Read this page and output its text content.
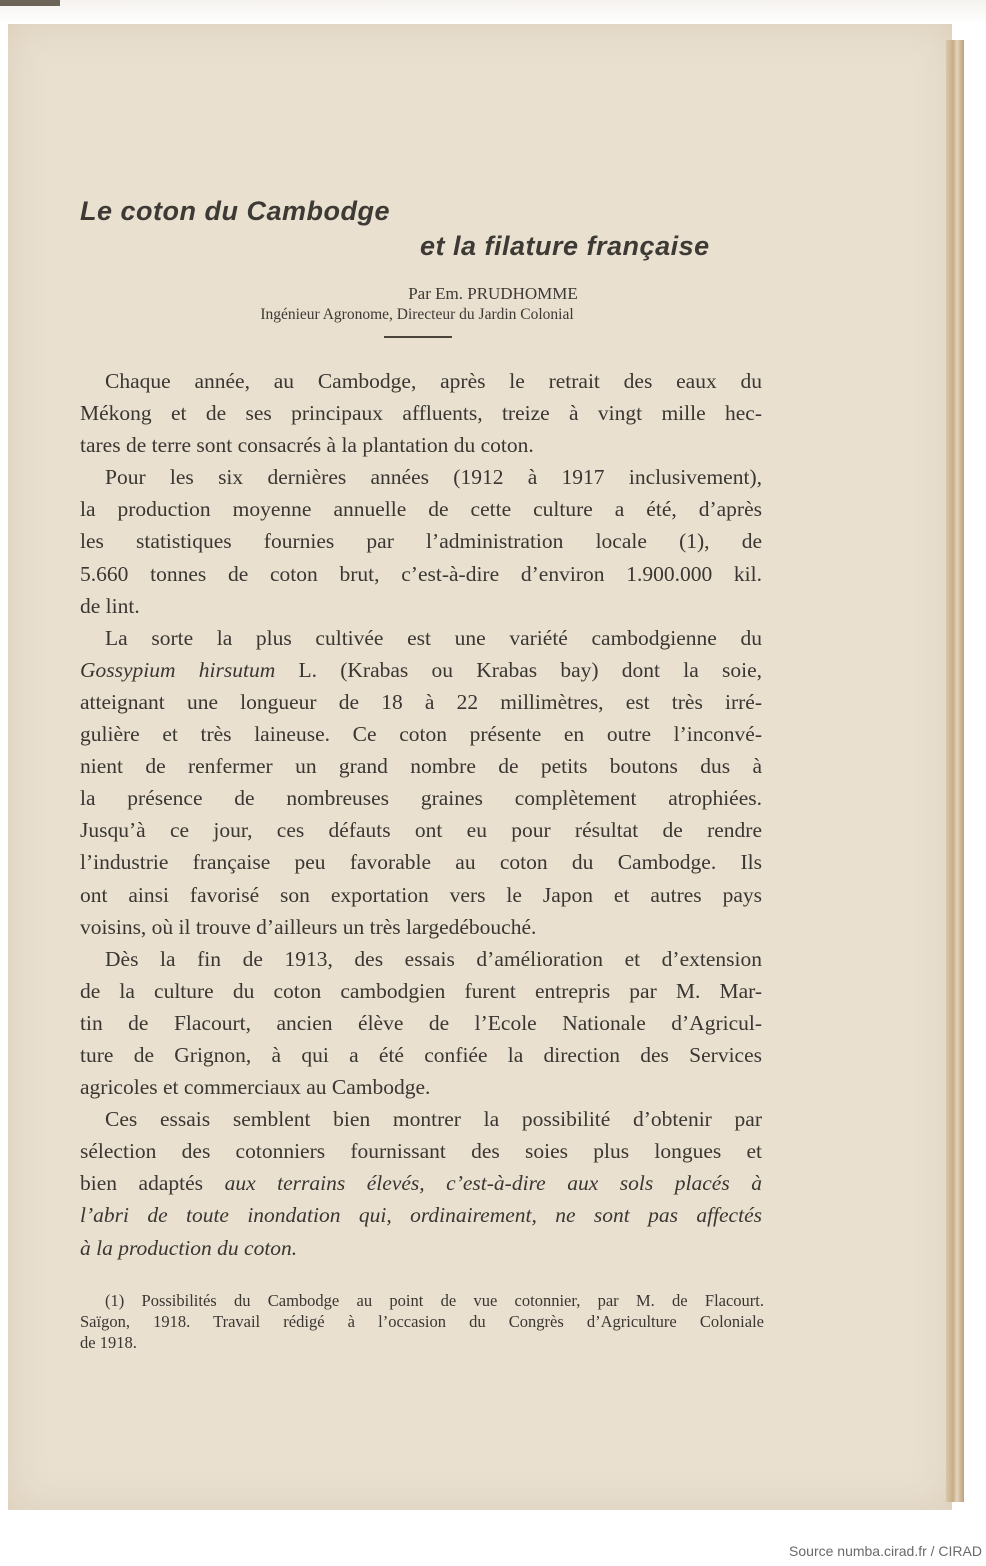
Le coton du Cambodge
et la filature française
Par Em. PRUDHOMME
Ingénieur Agronome, Directeur du Jardin Colonial
Chaque année, au Cambodge, après le retrait des eaux du
Mékong et de ses principaux affluents, treize à vingt mille hec-
tares de terre sont consacrés à la plantation du coton.
Pour les six dernières années (1912 à 1917 inclusivement),
la production moyenne annuelle de cette culture a été, d’après
les statistiques fournies par l’administration locale (1), de
5.660 tonnes de coton brut, c’est-à-dire d’environ 1.900.000 kil.
de lint.
La sorte la plus cultivée est une variété cambodgienne du
Gossypium hirsutum L. (Krabas ou Krabas bay) dont la soie,
atteignant une longueur de 18 à 22 millimètres, est très irré-
gulière et très laineuse. Ce coton présente en outre l’inconvé-
nient de renfermer un grand nombre de petits boutons dus à
la présence de nombreuses graines complètement atrophiées.
Jusqu’à ce jour, ces défauts ont eu pour résultat de rendre
l’industrie française peu favorable au coton du Cambodge. Ils
ont ainsi favorisé son exportation vers le Japon et autres pays
voisins, où il trouve d’ailleurs un très largedébouché.
Dès la fin de 1913, des essais d’amélioration et d’extension
de la culture du coton cambodgien furent entrepris par M. Mar-
tin de Flacourt, ancien élève de l’Ecole Nationale d’Agricul-
ture de Grignon, à qui a été confiée la direction des Services
agricoles et commerciaux au Cambodge.
Ces essais semblent bien montrer la possibilité d’obtenir par
sélection des cotonniers fournissant des soies plus longues et
bien adaptés aux terrains élevés, c’est-à-dire aux sols placés à
l’abri de toute inondation qui, ordinairement, ne sont pas affectés
à la production du coton.
(1) Possibilités du Cambodge au point de vue cotonnier, par M. de Flacourt.
Saïgon, 1918. Travail rédigé à l’occasion du Congrès d’Agriculture Coloniale
de 1918.
Source numba.cirad.fr / CIRAD
